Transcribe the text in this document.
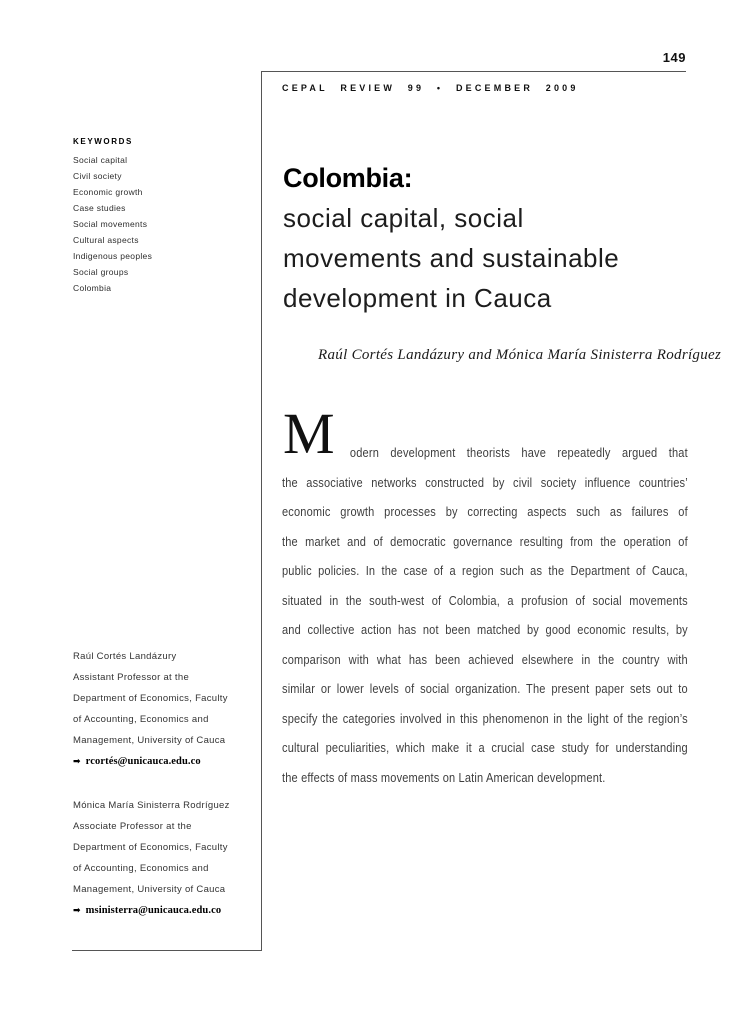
149
CEPAL REVIEW 99 • DECEMBER 2009
KEYWORDS
Social capital
Civil society
Economic growth
Case studies
Social movements
Cultural aspects
Indigenous peoples
Social groups
Colombia
Colombia:
social capital, social
movements and sustainable
development in Cauca
Raúl Cortés Landázury and Mónica María Sinisterra Rodríguez
M	odern development theorists have repeatedly argued that
the associative networks constructed by civil society influence countries’
economic growth processes by correcting aspects such as failures of
the market and of democratic governance resulting from the operation of
public policies. In the case of a region such as the Department of Cauca,
situated in the south-west of Colombia, a profusion of social movements
and collective action has not been matched by good economic results, by
comparison with what has been achieved elsewhere in the country with
similar or lower levels of social organization. The present paper sets out to
specify the categories involved in this phenomenon in the light of the region’s
cultural peculiarities, which make it a crucial case study for understanding
the effects of mass movements on Latin American development.
Raúl Cortés Landázury
Assistant Professor at the
Department of Economics, Faculty
of Accounting, Economics and
Management, University of Cauca
➡ rcortés@unicauca.edu.co
Mónica María Sinisterra Rodríguez
Associate Professor at the
Department of Economics, Faculty
of Accounting, Economics and
Management, University of Cauca
➡ msinisterra@unicauca.edu.co
